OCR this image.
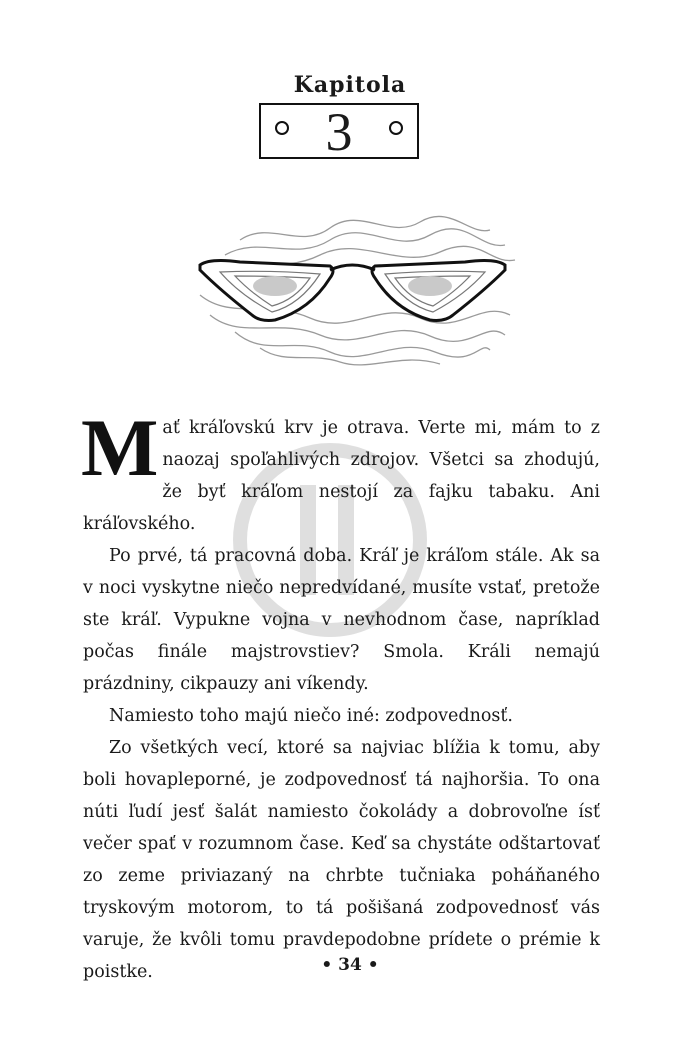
Kapitola
3

Mať kráľovskú krv je otrava. Verte mi, mám to z naozaj spoľahlivých zdrojov. Všetci sa zhodujú, že byť kráľom nestojí za fajku tabaku. Ani kráľovského.

Po prvé, tá pracovná doba. Kráľ je kráľom stále. Ak sa v noci vyskytne niečo nepredvídané, musíte vstať, pretože ste kráľ. Vypukne vojna v nevhodnom čase, napríklad počas finále majstrovstiev? Smola. Králi nemajú prázdniny, cikpauzy ani víkendy.

Namiesto toho majú niečo iné: zodpovednosť.

Zo všetkých vecí, ktoré sa najviac blížia k tomu, aby boli hovapleporné, je zodpovednosť tá najhoršia. To ona núti ľudí jesť šalát namiesto čokolády a dobrovoľne ísť večer spať v rozumnom čase. Keď sa chystáte odštartovať zo zeme priviazaný na chrbte tučniaka poháňaného tryskovým motorom, to tá pošišaná zodpovednosť vás varuje, že kvôli tomu pravdepodobne prídete o prémie k poistke.	• 34 •
